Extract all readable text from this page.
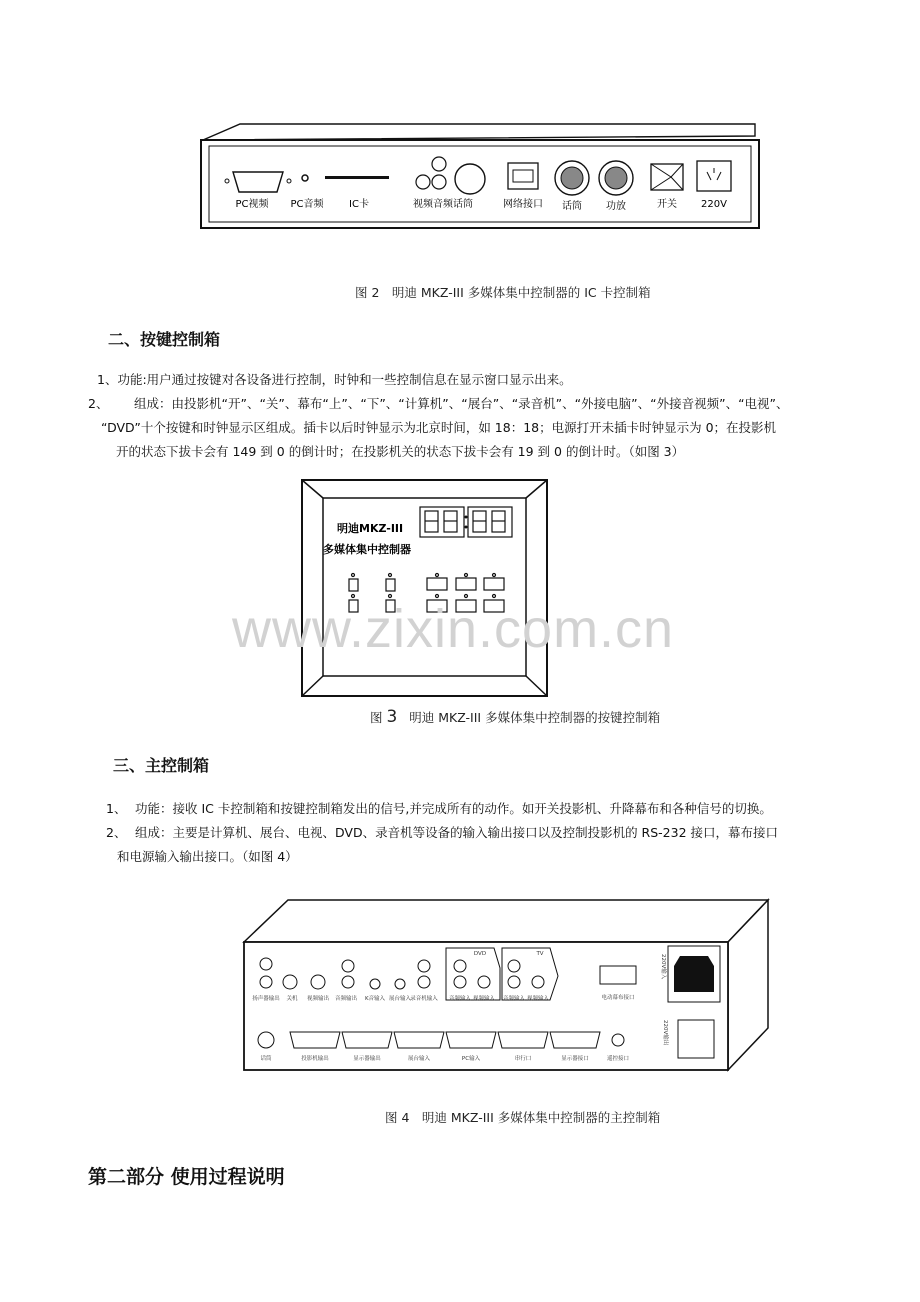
PC视频 PC音频	IC卡	视频音频话筒	网络接口 话筒 功放	开关 220V
图 2　明迪 MKZ-III 多媒体集中控制器的 IC 卡控制箱
二、按键控制箱
1、功能:用户通过按键对各设备进行控制，时钟和一些控制信息在显示窗口显示出来。
2、 组成：由投影机“开”、“关”、幕布“上”、“下”、“计算机”、“展台”、“录音机”、“外接电脑”、“外接音视频”、“电视”、
“DVD”十个按键和时钟显示区组成。插卡以后时钟显示为北京时间，如 18：18；电源打开未插卡时钟显示为 0；在投影机
开的状态下拔卡会有 149 到 0 的倒计时；在投影机关的状态下拔卡会有 19 到 0 的倒计时。（如图 3）
明迪MKZ-III
多媒体集中控制器
www.zixin.com.cn
图 3 明迪 MKZ-III 多媒体集中控制器的按键控制箱
三、主控制箱
1、 功能：接收 IC 卡控制箱和按键控制箱发出的信号,并完成所有的动作。如开关投影机、升降幕布和各种信号的切换。
2、 组成：主要是计算机、展台、电视、DVD、录音机等设备的输入输出接口以及控制投影机的 RS-232 接口，幕布接口
和电源输入输出接口。（如图 4）
DVD	TV
扬声器输出 关机 视频输出 音频输出 K音输入 展台输入 录音机输入 音频输入 视频输入 音频输入 视频输入	电动幕布接口
220V输入
220V输出
话筒	投影机输出	显示器输出	展台输入	PC输入	串行口	显示器接口	遥控接口
图 4　明迪 MKZ-III 多媒体集中控制器的主控制箱
第二部分 使用过程说明
